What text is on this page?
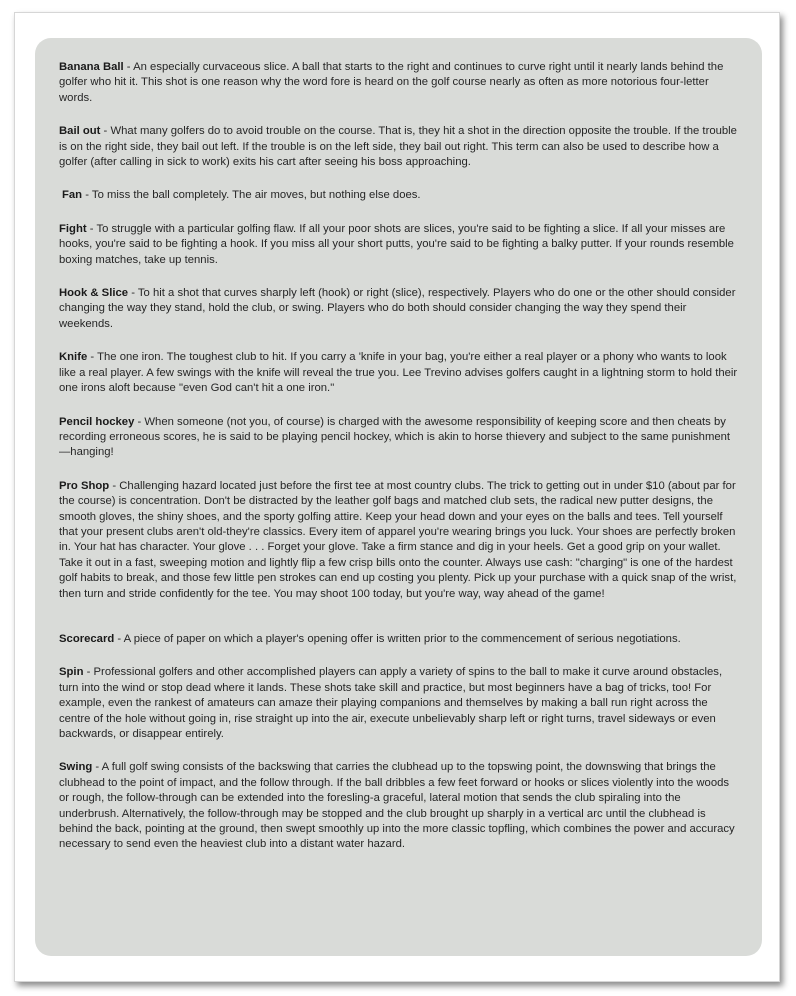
Banana Ball - An especially curvaceous slice. A ball that starts to the right and continues to curve right until it nearly lands behind the golfer who hit it. This shot is one reason why the word fore is heard on the golf course nearly as often as more notorious four-letter words.

Bail out - What many golfers do to avoid trouble on the course. That is, they hit a shot in the direction opposite the trouble. If the trouble is on the right side, they bail out left. If the trouble is on the left side, they bail out right. This term can also be used to describe how a golfer (after calling in sick to work) exits his cart after seeing his boss approaching.

Fan - To miss the ball completely. The air moves, but nothing else does.

Fight - To struggle with a particular golfing flaw. If all your poor shots are slices, you're said to be fighting a slice. If all your misses are hooks, you're said to be fighting a hook. If you miss all your short putts, you're said to be fighting a balky putter. If your rounds resemble boxing matches, take up tennis.

Hook & Slice - To hit a shot that curves sharply left (hook) or right (slice), respectively. Players who do one or the other should consider changing the way they stand, hold the club, or swing. Players who do both should consider changing the way they spend their weekends.

Knife - The one iron. The toughest club to hit. If you carry a 'knife in your bag, you're either a real player or a phony who wants to look like a real player. A few swings with the knife will reveal the true you. Lee Trevino advises golfers caught in a lightning storm to hold their one irons aloft because "even God can't hit a one iron."

Pencil hockey - When someone (not you, of course) is charged with the awesome responsibility of keeping score and then cheats by recording erroneous scores, he is said to be playing pencil hockey, which is akin to horse thievery and subject to the same punishment—hanging!

Pro Shop - Challenging hazard located just before the first tee at most country clubs. The trick to getting out in under $10 (about par for the course) is concentration. Don't be distracted by the leather golf bags and matched club sets, the radical new putter designs, the smooth gloves, the shiny shoes, and the sporty golfing attire. Keep your head down and your eyes on the balls and tees. Tell yourself that your present clubs aren't old-they're classics. Every item of apparel you're wearing brings you luck. Your shoes are perfectly broken in. Your hat has character. Your glove . . . Forget your glove. Take a firm stance and dig in your heels. Get a good grip on your wallet. Take it out in a fast, sweeping motion and lightly flip a few crisp bills onto the counter. Always use cash: "charging" is one of the hardest golf habits to break, and those few little pen strokes can end up costing you plenty. Pick up your purchase with a quick snap of the wrist, then turn and stride confidently for the tee. You may shoot 100 today, but you're way, way ahead of the game!

Scorecard - A piece of paper on which a player's opening offer is written prior to the commencement of serious negotiations.

Spin - Professional golfers and other accomplished players can apply a variety of spins to the ball to make it curve around obstacles, turn into the wind or stop dead where it lands. These shots take skill and practice, but most beginners have a bag of tricks, too! For example, even the rankest of amateurs can amaze their playing companions and themselves by making a ball run right across the centre of the hole without going in, rise straight up into the air, execute unbelievably sharp left or right turns, travel sideways or even backwards, or disappear entirely.

Swing - A full golf swing consists of the backswing that carries the clubhead up to the topswing point, the downswing that brings the clubhead to the point of impact, and the follow through. If the ball dribbles a few feet forward or hooks or slices violently into the woods or rough, the follow-through can be extended into the foresling-a graceful, lateral motion that sends the club spiraling into the underbrush. Alternatively, the follow-through may be stopped and the club brought up sharply in a vertical arc until the clubhead is behind the back, pointing at the ground, then swept smoothly up into the more classic topfling, which combines the power and accuracy necessary to send even the heaviest club into a distant water hazard.
